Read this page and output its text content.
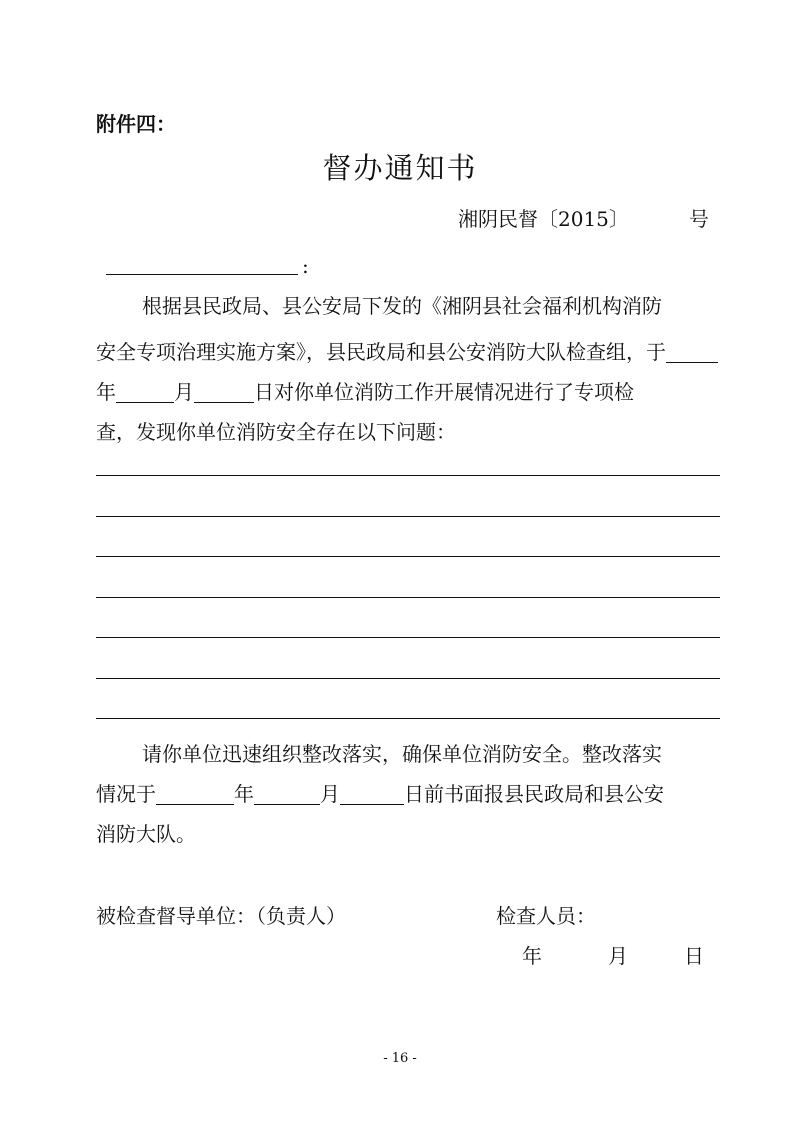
附件四：
督办通知书
湘阴民督〔2015〕	号
:
根据县民政局、县公安局下发的《湘阴县社会福利机构消防
安全专项治理实施方案》，县民政局和县公安消防大队检查组，于
年	月	日对你单位消防工作开展情况进行了专项检
查，发现你单位消防安全存在以下问题：
请你单位迅速组织整改落实，确保单位消防安全。整改落实
情况于	年	月	日前书面报县民政局和县公安
消防大队。
被检查督导单位：（负责人）	检查人员：
年	月	日
- 16 -
